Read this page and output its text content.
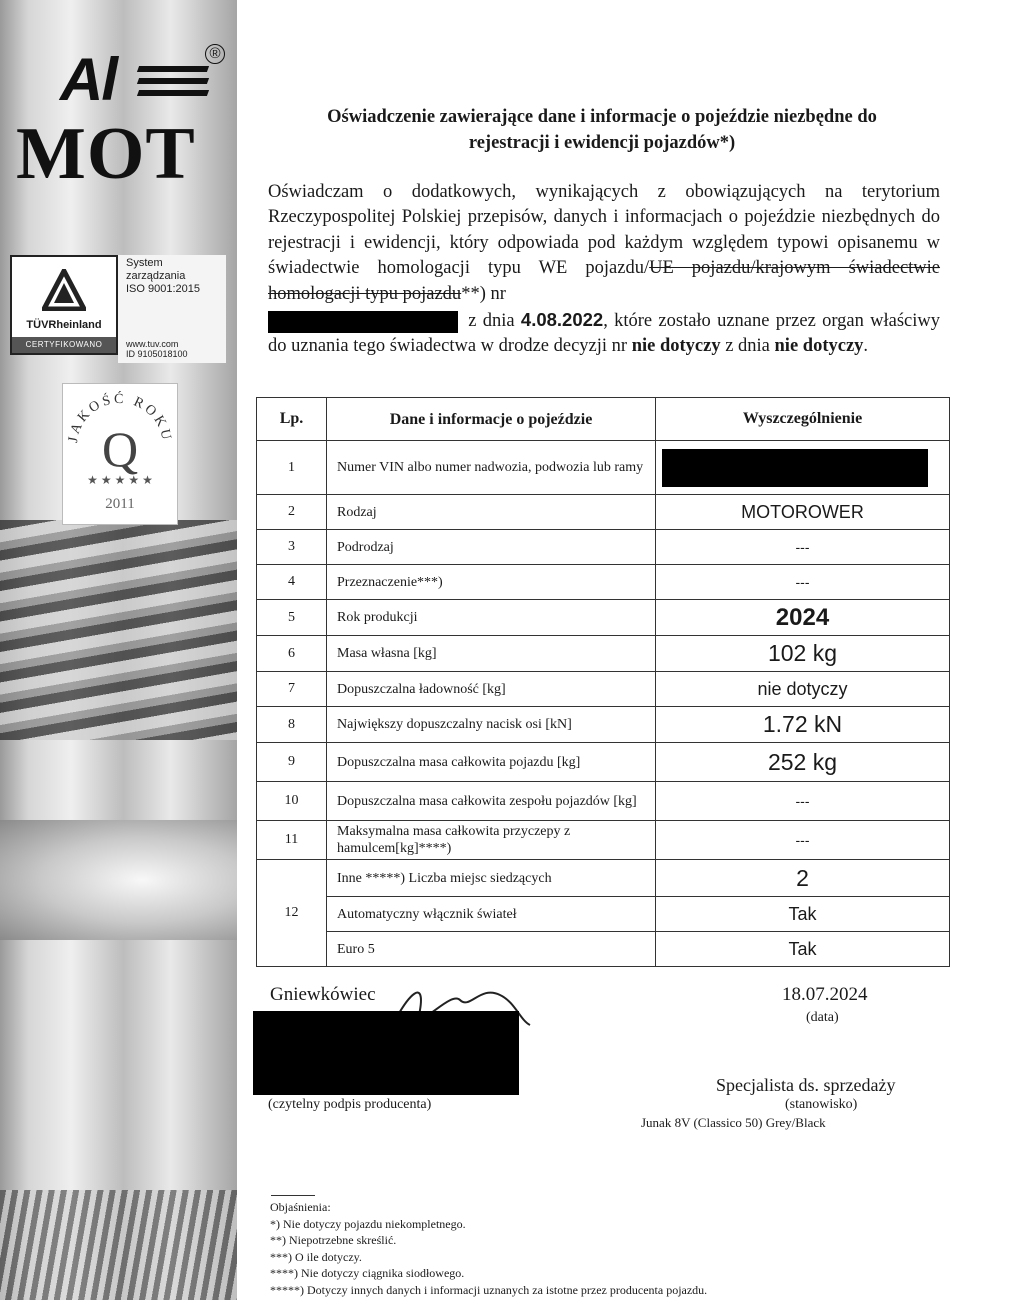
Al	®
MOT
TÜVRheinland
CERTYFIKOWANO
System
zarządzania
ISO 9001:2015
www.tuv.com
ID 9105018100
JAKOŚĆ ROKU
Q
★ ★ ★ ★ ★
2011
Oświadczenie zawierające dane i informacje o pojeździe niezbędne do
rejestracji i ewidencji pojazdów*)
Oświadczam o dodatkowych, wynikających z obowiązujących na terytorium Rzeczypospolitej Polskiej przepisów, danych i informacjach o pojeździe niezbędnych do rejestracji i ewidencji, który odpowiada pod każdym względem typowi opisanemu w świadectwie homologacji typu WE pojazdu/UE pojazdu/krajowym świadectwie homologacji typu pojazdu**) nr
z dnia 4.08.2022, które zostało uznane przez organ właściwy do uznania tego świadectwa w drodze decyzji nr nie dotyczy z dnia nie dotyczy.
Lp.	Dane i informacje o pojeździe	Wyszczególnienie
1	Numer VIN albo numer nadwozia, podwozia lub ramy	
2	Rodzaj	MOTOROWER
3	Podrodzaj	---
4	Przeznaczenie***)	---
5	Rok produkcji	2024
6	Masa własna [kg]	102 kg
7	Dopuszczalna ładowność [kg]	nie dotyczy
8	Największy dopuszczalny nacisk osi [kN]	1.72 kN
9	Dopuszczalna masa całkowita pojazdu [kg]	252 kg
10	Dopuszczalna masa całkowita zespołu pojazdów [kg]	---
11	Maksymalna masa całkowita przyczepy z hamulcem[kg]****)	---
12	Inne *****) Liczba miejsc siedzących	2
	Automatyczny włącznik świateł	Tak
	Euro 5	Tak
Gniewkówiec	18.07.2024
(data)
(czytelny podpis producenta)
Specjalista ds. sprzedaży
(stanowisko)
Junak 8V (Classico 50) Grey/Black
Objaśnienia:
*) Nie dotyczy pojazdu niekompletnego.
**) Niepotrzebne skreślić.
***) O ile dotyczy.
****) Nie dotyczy ciągnika siodłowego.
*****) Dotyczy innych danych i informacji uznanych za istotne przez producenta pojazdu.
